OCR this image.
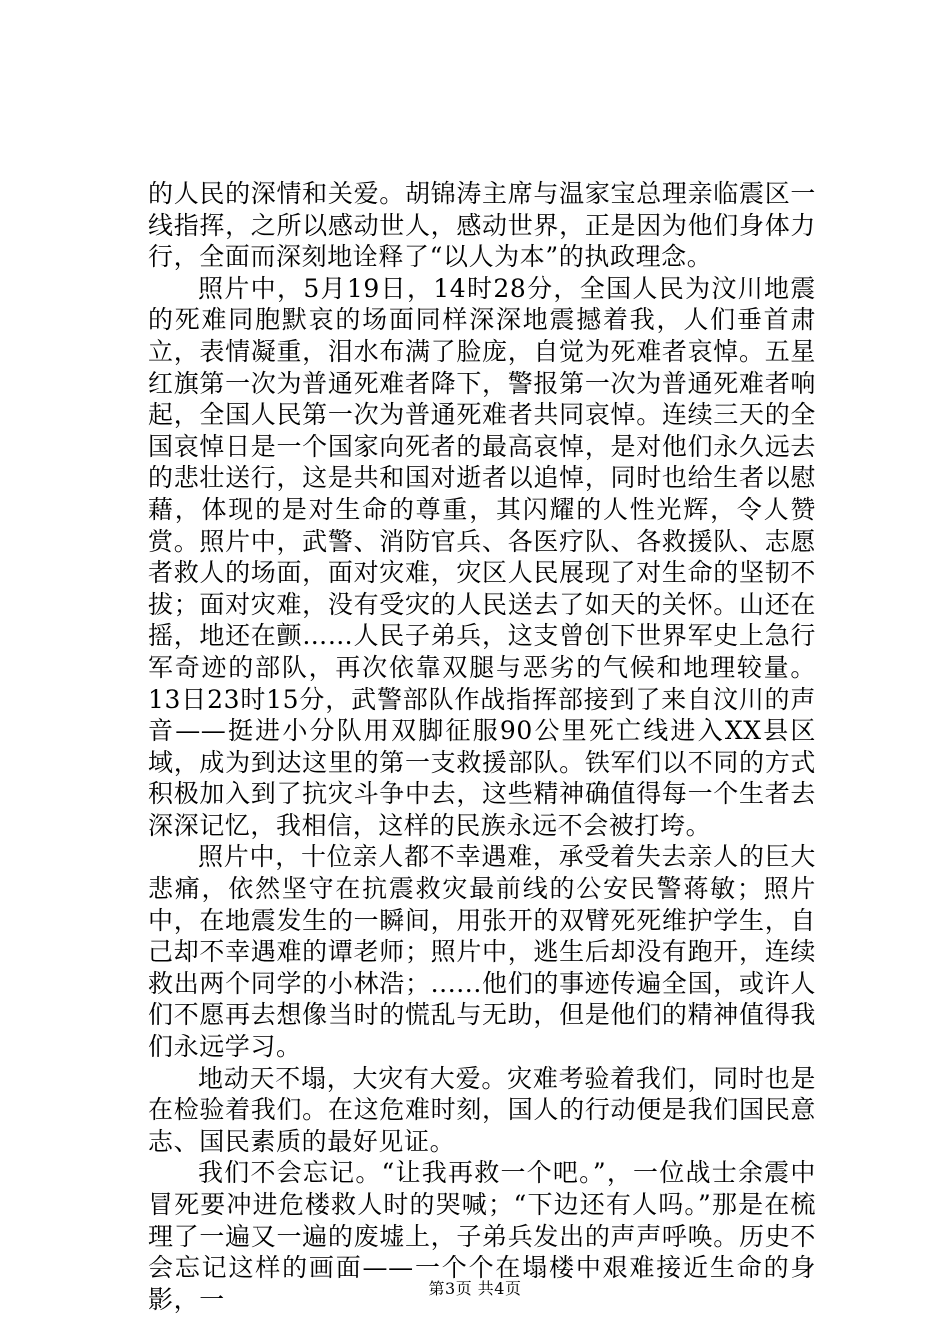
的人民的深情和关爱。胡锦涛主席与温家宝总理亲临震区一线指挥，之所以感动世人，感动世界，正是因为他们身体力行，全面而深刻地诠释了“以人为本”的执政理念。

照片中，5月19日，14时28分，全国人民为汶川地震的死难同胞默哀的场面同样深深地震撼着我，人们垂首肃立，表情凝重，泪水布满了脸庞，自觉为死难者哀悼。五星红旗第一次为普通死难者降下，警报第一次为普通死难者响起，全国人民第一次为普通死难者共同哀悼。连续三天的全国哀悼日是一个国家向死者的最高哀悼，是对他们永久远去的悲壮送行，这是共和国对逝者以追悼，同时也给生者以慰藉，体现的是对生命的尊重，其闪耀的人性光辉，令人赞赏。照片中，武警、消防官兵、各医疗队、各救援队、志愿者救人的场面，面对灾难，灾区人民展现了对生命的坚韧不拔；面对灾难，没有受灾的人民送去了如天的关怀。山还在摇，地还在颤……人民子弟兵，这支曾创下世界军史上急行军奇迹的部队，再次依靠双腿与恶劣的气候和地理较量。13日23时15分，武警部队作战指挥部接到了来自汶川的声音——挺进小分队用双脚征服90公里死亡线进入XX县区域，成为到达这里的第一支救援部队。铁军们以不同的方式积极加入到了抗灾斗争中去，这些精神确值得每一个生者去深深记忆，我相信，这样的民族永远不会被打垮。

照片中，十位亲人都不幸遇难，承受着失去亲人的巨大悲痛，依然坚守在抗震救灾最前线的公安民警蒋敏；照片中，在地震发生的一瞬间，用张开的双臂死死维护学生，自己却不幸遇难的谭老师；照片中，逃生后却没有跑开，连续救出两个同学的小林浩；......他们的事迹传遍全国，或许人们不愿再去想像当时的慌乱与无助，但是他们的精神值得我们永远学习。

地动天不塌，大灾有大爱。灾难考验着我们，同时也是在检验着我们。在这危难时刻，国人的行动便是我们国民意志、国民素质的最好见证。

我们不会忘记。“让我再救一个吧。”，一位战士余震中冒死要冲进危楼救人时的哭喊；“下边还有人吗。”那是在梳理了一遍又一遍的废墟上，子弟兵发出的声声呼唤。历史不会忘记这样的画面——一个个在塌楼中艰难接近生命的身影，一	第3页 共4页
